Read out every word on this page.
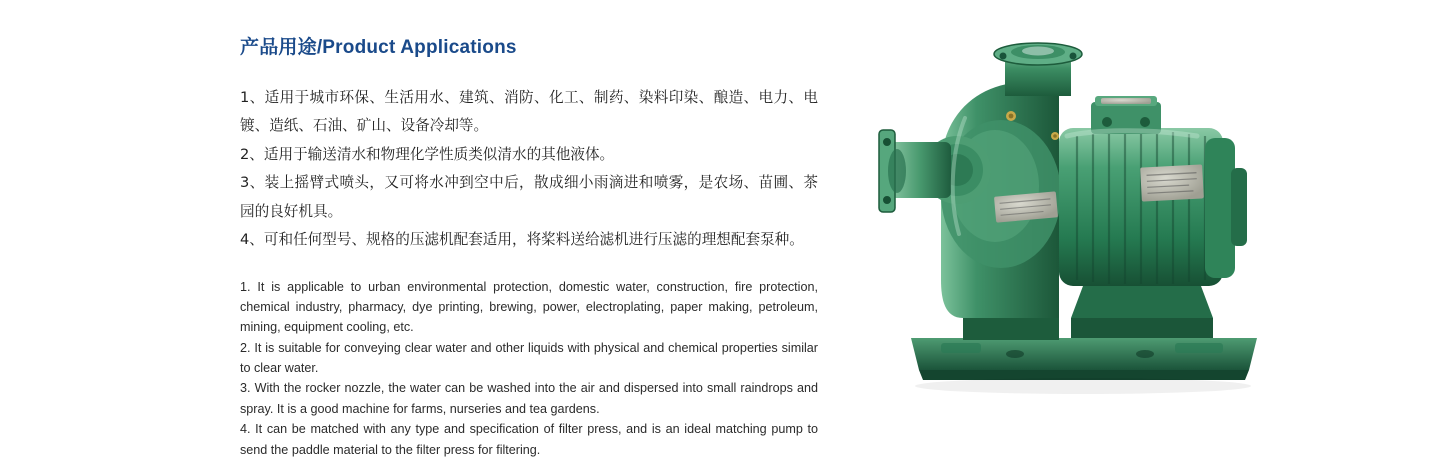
产品用途/Product Applications

1、适用于城市环保、生活用水、建筑、消防、化工、制药、染料印染、酿造、电力、电镀、造纸、石油、矿山、设备冷却等。

2、适用于输送清水和物理化学性质类似清水的其他液体。

3、装上摇臂式喷头，又可将水冲到空中后，散成细小雨滴进和喷雾，是农场、苗圃、茶园的良好机具。

4、可和任何型号、规格的压滤机配套适用，将桨料送给滤机进行压滤的理想配套泵种。

1. It is applicable to urban environmental protection, domestic water, construction, fire protection, chemical industry, pharmacy, dye printing, brewing, power, electroplating, paper making, petroleum, mining, equipment cooling, etc.

2. It is suitable for conveying clear water and other liquids with physical and chemical properties similar to clear water.

3. With the rocker nozzle, the water can be washed into the air and dispersed into small raindrops and spray. It is a good machine for farms, nurseries and tea gardens.

4. It can be matched with any type and specification of filter press, and is an ideal matching pump to send the paddle material to the filter press for filtering.
